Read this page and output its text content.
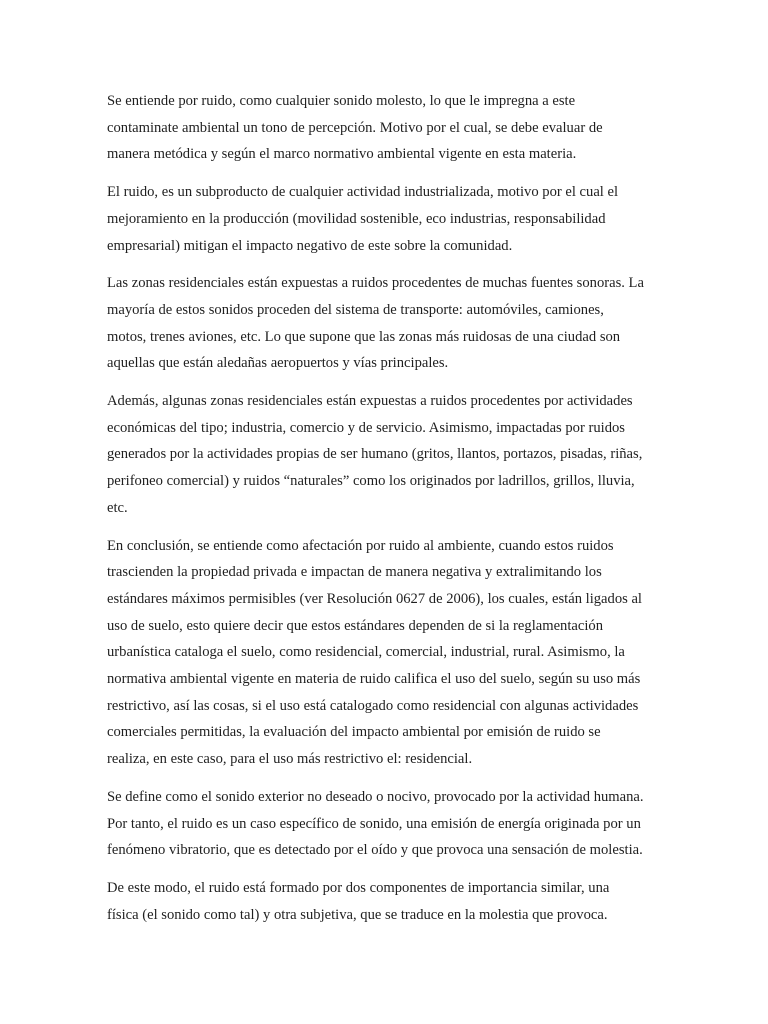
Se entiende por ruido, como cualquier sonido molesto, lo que le impregna a este
contaminate ambiental un tono de percepción. Motivo por el cual, se debe evaluar de
manera metódica y según el marco normativo ambiental vigente en esta materia.

El ruido, es un subproducto de cualquier actividad industrializada, motivo por el cual el
mejoramiento en la producción (movilidad sostenible, eco industrias, responsabilidad
empresarial) mitigan el impacto negativo de este sobre la comunidad.

Las zonas residenciales están expuestas a ruidos procedentes de muchas fuentes sonoras. La
mayoría de estos sonidos proceden del sistema de transporte: automóviles, camiones,
motos, trenes aviones, etc. Lo que supone que las zonas más ruidosas de una ciudad son
aquellas que están aledañas aeropuertos y vías principales.

Además, algunas zonas residenciales están expuestas a ruidos procedentes por actividades
económicas del tipo; industria, comercio y de servicio. Asimismo, impactadas por ruidos
generados por la actividades propias de ser humano (gritos, llantos, portazos, pisadas, riñas,
perifoneo comercial) y ruidos “naturales” como los originados por ladrillos, grillos, lluvia,
etc.

En conclusión, se entiende como afectación por ruido al ambiente, cuando estos ruidos
trascienden la propiedad privada e impactan de manera negativa y extralimitando los
estándares máximos permisibles (ver Resolución 0627 de 2006), los cuales, están ligados al
uso de suelo, esto quiere decir que estos estándares dependen de si la reglamentación
urbanística cataloga el suelo, como residencial, comercial, industrial, rural. Asimismo, la
normativa ambiental vigente en materia de ruido califica el uso del suelo, según su uso más
restrictivo, así las cosas, si el uso está catalogado como residencial con algunas actividades
comerciales permitidas, la evaluación del impacto ambiental por emisión de ruido se
realiza, en este caso, para el uso más restrictivo el: residencial.

Se define como el sonido exterior no deseado o nocivo, provocado por la actividad humana.
Por tanto, el ruido es un caso específico de sonido, una emisión de energía originada por un
fenómeno vibratorio, que es detectado por el oído y que provoca una sensación de molestia.

De este modo, el ruido está formado por dos componentes de importancia similar, una
física (el sonido como tal) y otra subjetiva, que se traduce en la molestia que provoca.
